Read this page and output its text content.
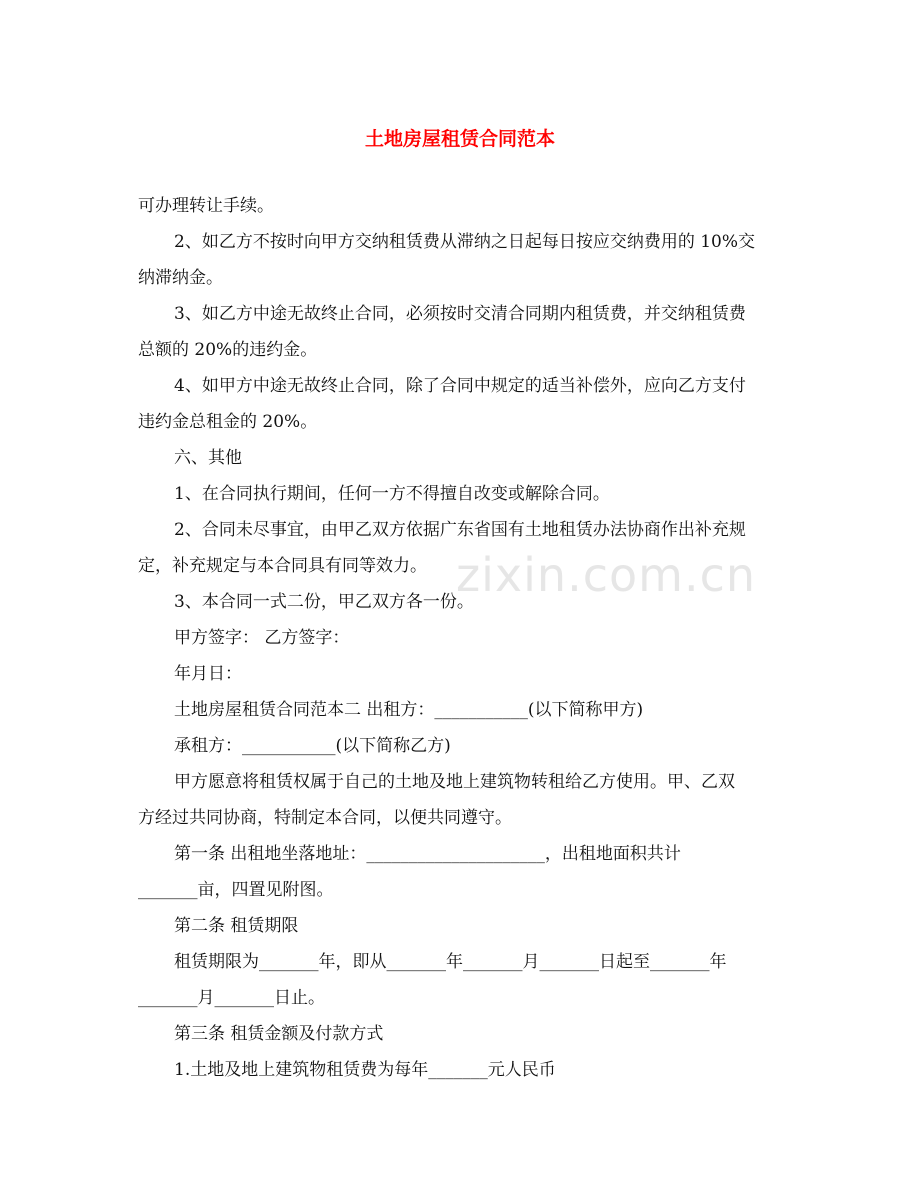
土地房屋租赁合同范本
zixin.com.cn

可办理转让手续。

2、如乙方不按时向甲方交纳租赁费从滞纳之日起每日按应交纳费用的 10%交

纳滞纳金。

3、如乙方中途无故终止合同，必须按时交清合同期内租赁费，并交纳租赁费

总额的 20%的违约金。

4、如甲方中途无故终止合同，除了合同中规定的适当补偿外，应向乙方支付

违约金总租金的 20%。

六、其他

1、在合同执行期间，任何一方不得擅自改变或解除合同。

2、合同未尽事宜，由甲乙双方依据广东省国有土地租赁办法协商作出补充规

定，补充规定与本合同具有同等效力。

3、本合同一式二份，甲乙双方各一份。

甲方签字： 乙方签字：

年月日：

土地房屋租赁合同范本二 出租方：___________(以下简称甲方)

承租方：___________(以下简称乙方)

甲方愿意将租赁权属于自己的土地及地上建筑物转租给乙方使用。甲、乙双

方经过共同协商，特制定本合同，以便共同遵守。

第一条 出租地坐落地址：_____________________，出租地面积共计

_______亩，四置见附图。

第二条 租赁期限

租赁期限为_______年，即从_______年_______月_______日起至_______年

_______月_______日止。

第三条 租赁金额及付款方式

1.土地及地上建筑物租赁费为每年_______元人民币
